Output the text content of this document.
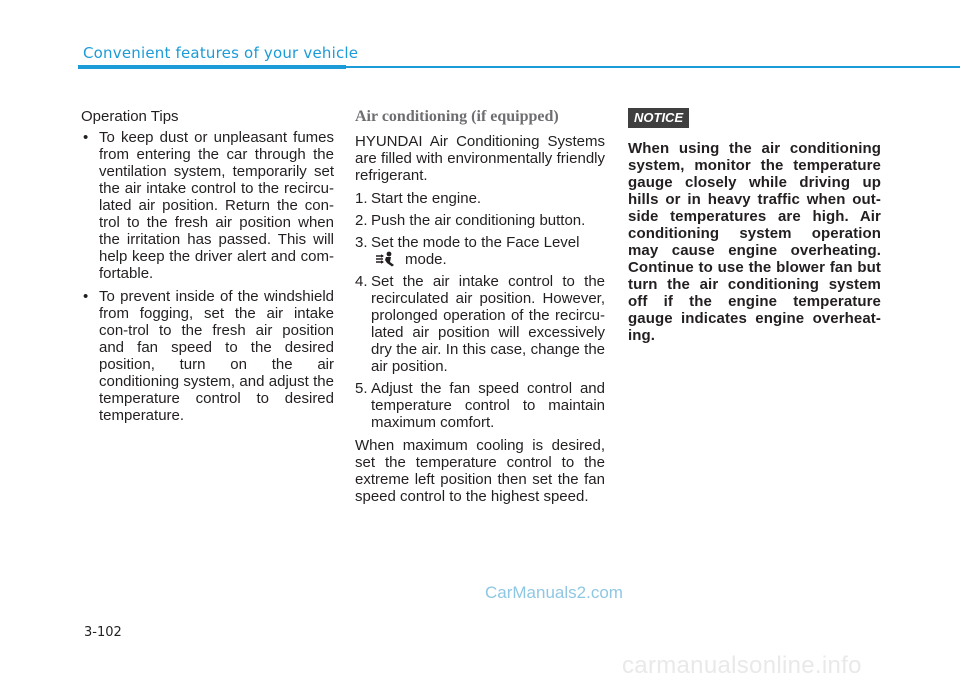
Convenient features of your vehicle

Operation Tips

• To keep dust or unpleasant fumes from entering the car through the ventilation system, temporarily set the air intake control to the recircu-lated air position. Return the con-trol to the fresh air position when the irritation has passed. This will help keep the driver alert and com-fortable.
• To prevent inside of the windshield from fogging, set the air intake con-trol to the fresh air position and fan speed to the desired position, turn on the air conditioning system, and adjust the temperature control to desired temperature.
Air conditioning (if equipped)

HYUNDAI Air Conditioning Systems are filled with environmentally friendly refrigerant.

1. Start the engine.
2. Push the air conditioning button.
3. Set the mode to the Face Level
mode.
4. Set the air intake control to the recirculated air position. However, prolonged operation of the recircu-lated air position will excessively dry the air. In this case, change the air position.
5. Adjust the fan speed control and temperature control to maintain maximum comfort.

When maximum cooling is desired, set the temperature control to the extreme left position then set the fan speed control to the highest speed.

NOTICE
When using the air conditioning system, monitor the temperature gauge closely while driving up hills or in heavy traffic when out-side temperatures are high. Air conditioning system operation may cause engine overheating. Continue to use the blower fan but turn the air conditioning system off if the engine temperature gauge indicates engine overheat-ing.
CarManuals2.com
3-102
carmanualsonline.info
